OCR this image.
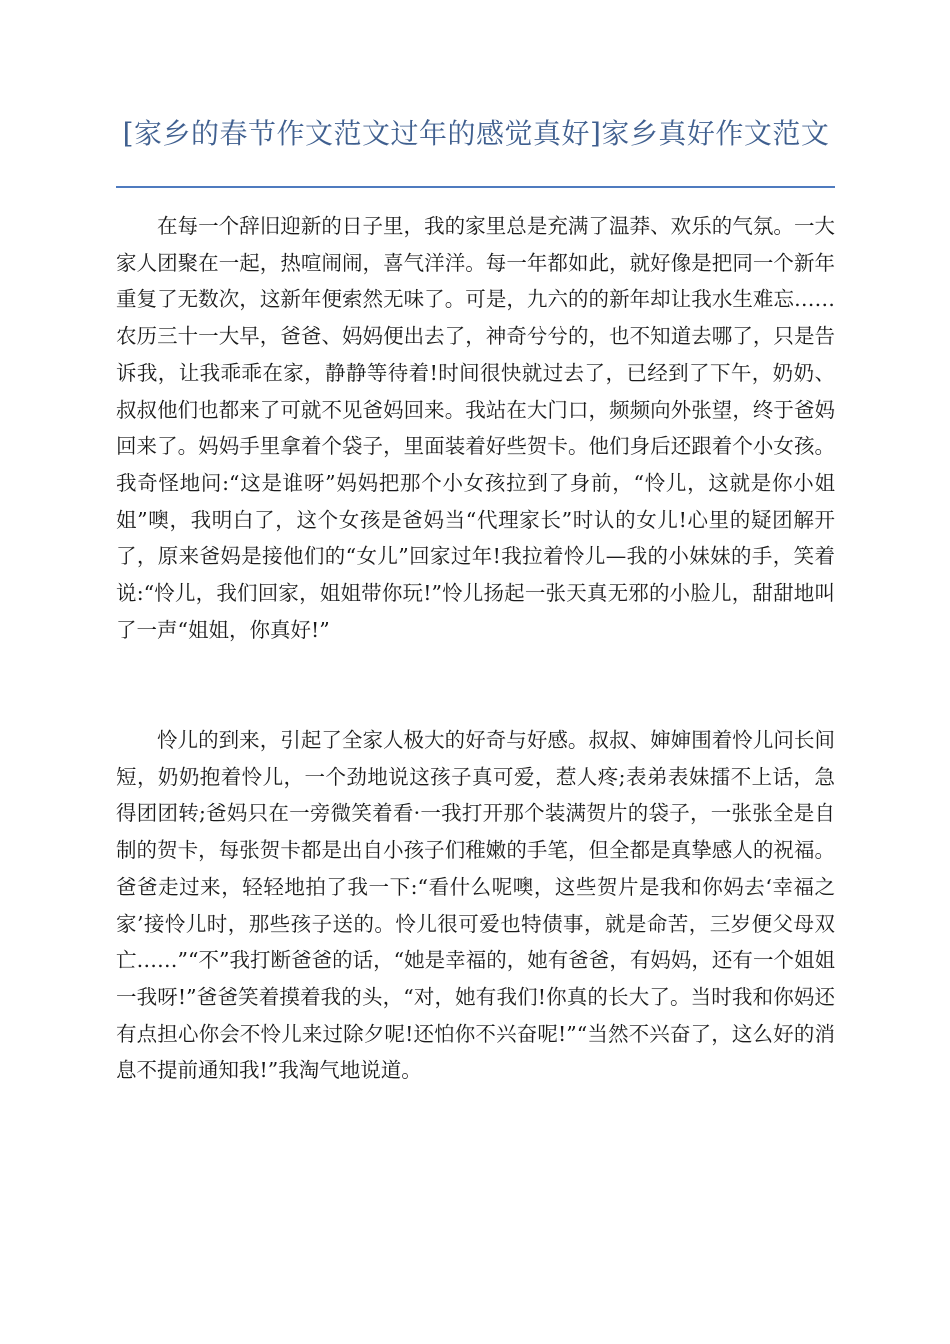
[家乡的春节作文范文过年的感觉真好]家乡真好作文范文

在每一个辞旧迎新的日子里，我的家里总是充满了温莽、欢乐的气氛。一大家人团聚在一起，热喧闹闹，喜气洋洋。每一年都如此，就好像是把同一个新年重复了无数次，这新年便索然无味了。可是，九六的的新年却让我水生难忘……　农历三十一大早，爸爸、妈妈便出去了，神奇兮兮的，也不知道去哪了，只是告诉我，让我乖乖在家，静静等待着!时间很快就过去了，已经到了下午，奶奶、叔叔他们也都来了可就不见爸妈回来。我站在大门口，频频向外张望，终于爸妈回来了。妈妈手里拿着个袋子，里面装着好些贺卡。他们身后还跟着个小女孩。我奇怪地问:“这是谁呀”妈妈把那个小女孩拉到了身前，“怜儿，这就是你小姐姐”噢，我明白了，这个女孩是爸妈当“代理家长”时认的女儿!心里的疑团解开了，原来爸妈是接他们的“女儿”回家过年!我拉着怜儿—我的小妹妹的手，笑着说:“怜儿，我们回家，姐姐带你玩!”怜儿扬起一张天真无邪的小脸儿，甜甜地叫了一声“姐姐，你真好!”

怜儿的到来，引起了全家人极大的好奇与好感。叔叔、婶婶围着怜儿问长间短，奶奶抱着怜儿，一个劲地说这孩子真可爱，惹人疼;表弟表妹擂不上话，急得团团转;爸妈只在一旁微笑着看·一我打开那个装满贺片的袋子，一张张全是自制的贺卡，每张贺卡都是出自小孩子们稚嫩的手笔，但全都是真挚感人的祝福。爸爸走过来，轻轻地拍了我一下:“看什么呢噢，这些贺片是我和你妈去‘幸福之家’接怜儿时，那些孩子送的。怜儿很可爱也特债事，就是命苦，三岁便父母双亡……”“不”我打断爸爸的话，“她是幸福的，她有爸爸，有妈妈，还有一个姐姐一我呀!”爸爸笑着摸着我的头，“对，她有我们!你真的长大了。当时我和你妈还有点担心你会不怜儿来过除夕呢!还怕你不兴奋呢!”“当然不兴奋了，这么好的消息不提前通知我!”我淘气地说道。
